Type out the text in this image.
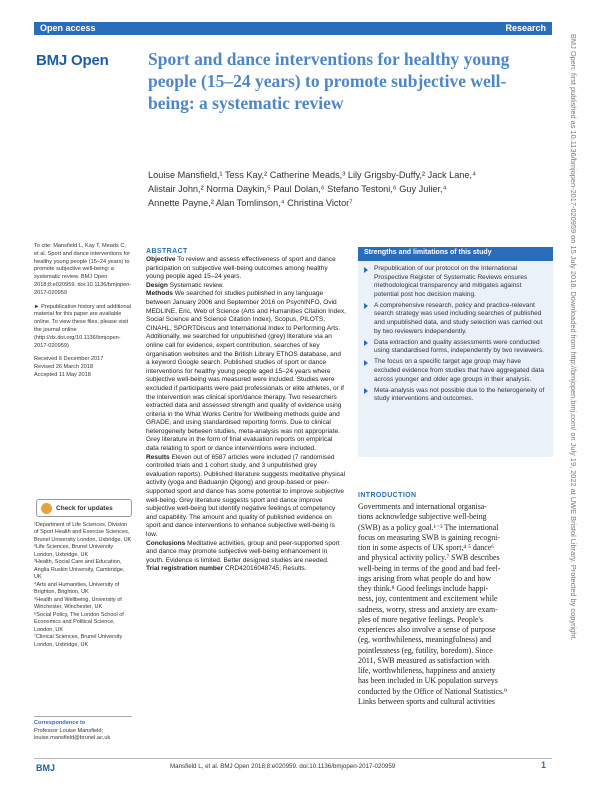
Open access	Research
BMJ Open Sport and dance interventions for healthy young people (15–24 years) to promote subjective well-being: a systematic review

Louise Mansfield,¹ Tess Kay,² Catherine Meads,³ Lily Grigsby-Duffy,² Jack Lane,⁴

Alistair John,² Norma Daykin,⁵ Paul Dolan,⁶ Stefano Testoni,⁶ Guy Julier,⁴

Annette Payne,² Alan Tomlinson,⁴ Christina Victor⁷

To cite: Mansfield L, Kay T, Meads C, et al. Sport and dance interventions for healthy young people (15–24 years) to promote subjective well-being: a systematic review. BMJ Open 2018;8:e020959. doi:10.1136/bmjopen-2017-020959

► Prepublication history and additional material for this paper are available online. To view these files, please visit the journal online (http://dx.doi.org/10.1136/bmjopen-2017-020959)

Received 6 December 2017

Revised 26 March 2018

Accepted 11 May 2018

Check for updates

¹Department of Life Sciences, Division of Sport Health and Exercise Sciences, Brunel University London, Uxbridge, UK

²Life Sciences, Brunel University London, Uxbridge, UK

³Health, Social Care and Education, Anglia Ruskin University, Cambridge, UK

⁴Arts and Humanities, University of Brighton, Brighton, UK

⁵Health and Wellbeing, University of Winchester, Winchester, UK

⁶Social Policy, The London School of Economics and Political Science, London, UK

⁷Clinical Sciences, Brunel University London, Uxbridge, UK

Correspondence to

Professor Louise Mansfield;

louise.mansfield@brunel.ac.uk

ABSTRACT

Objective To review and assess effectiveness of sport and dance participation on subjective well-being outcomes among healthy young people aged 15–24 years.

Design Systematic review.

Methods We searched for studies published in any language between January 2006 and September 2016 on PsychINFO, Ovid MEDLINE, Eric, Web of Science (Arts and Humanities Citation Index, Social Science and Science Citation Index), Scopus, PILOTS, CINAHL, SPORTDiscus and International Index to Performing Arts. Additionally, we searched for unpublished (grey) literature via an online call for evidence, expert contribution, searches of key organisation websites and the British Library EThOS database, and a keyword Google search. Published studies of sport or dance interventions for healthy young people aged 15–24 years where subjective well-being was measured were included. Studies were excluded if participants were paid professionals or elite athletes, or if the intervention was clinical sport/dance therapy. Two researchers extracted data and assessed strength and quality of evidence using criteria in the What Works Centre for Wellbeing methods guide and GRADE, and using standardised reporting forms. Due to clinical heterogeneity between studies, meta-analysis was not appropriate. Grey literature in the form of final evaluation reports on empirical data relating to sport or dance interventions were included.

Results Eleven out of 6587 articles were included (7 randomised controlled trials and 1 cohort study, and 3 unpublished grey evaluation reports). Published literature suggests meditative physical activity (yoga and Baduanjin Qigong) and group-based or peer-supported sport and dance has some potential to improve subjective well-being. Grey literature suggests sport and dance improve subjective well-being but identify negative feelings of competency and capability. The amount and quality of published evidence on sport and dance interventions to enhance subjective well-being is low.

Conclusions Meditative activities, group and peer-supported sport and dance may promote subjective well-being enhancement in youth. Evidence is limited. Better designed studies are needed.

Trial registration number CRD42016048745; Results.

Strengths and limitations of this study
Prepublication of our protocol on the International Prospective Register of Systematic Reviews ensures methodological transparency and mitigates against potential post hoc decision making.
A comprehensive research, policy and practice-relevant search strategy was used including searches of published and unpublished data, and study selection was carried out by two reviewers independently.
Data extraction and quality assessments were conducted using standardised forms, independently by two reviewers.
The focus on a specific target age group may have excluded evidence from studies that have aggregated data across younger and older age groups in their analysis.
Meta-analysis was not possible due to the heterogeneity of study interventions and outcomes.
INTRODUCTION

Governments and international organisa-

tions acknowledge subjective well-being

(SWB) as a policy goal.¹⁻³ The international

focus on measuring SWB is gaining recogni-

tion in some aspects of UK sport,⁴ ⁵ dance⁶

and physical activity policy.⁷ SWB describes

well-being in terms of the good and bad feel-

ings arising from what people do and how

they think.⁸ Good feelings include happi-

ness, joy, contentment and excitement while

sadness, worry, stress and anxiety are exam-

ples of more negative feelings. People's

experiences also involve a sense of purpose

(eg, worthwhileness, meaningfulness) and

pointlessness (eg, futility, boredom). Since

2011, SWB measured as satisfaction with

life, worthwhileness, happiness and anxiety

has been included in UK population surveys

conducted by the Office of National Statistics.⁹

Links between sports and cultural activities

BMJ	Mansfield L, et al. BMJ Open 2018;8:e020959. doi:10.1136/bmjopen-2017-020959	1
BMJ Open: first published as 10.1136/bmjopen-2017-020959 on 15 July 2018. Downloaded from http://bmjopen.bmj.com/ on July 19, 2022 at UWE Bristol Library. Protected by copyright.
